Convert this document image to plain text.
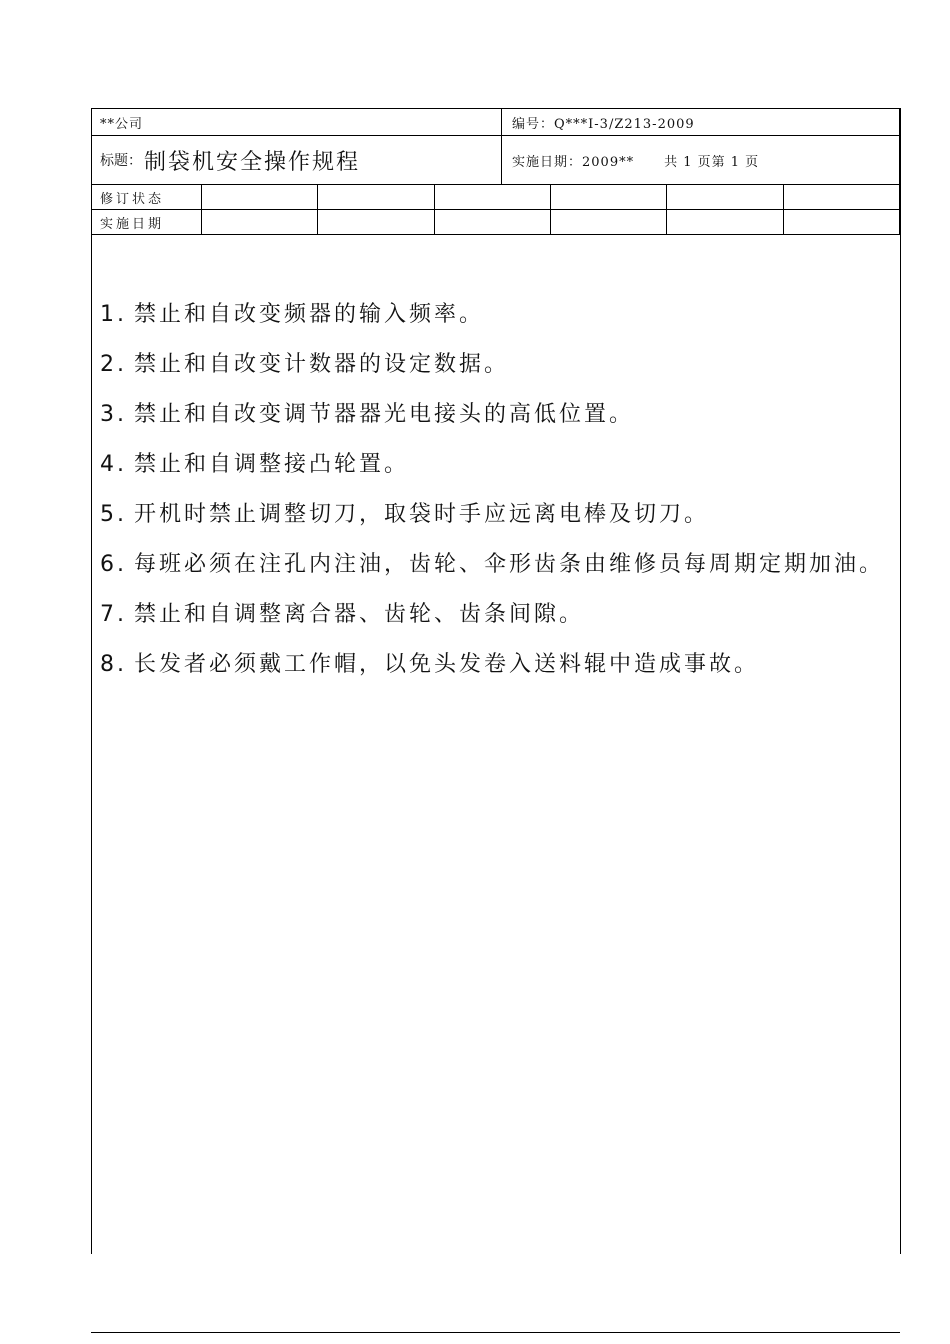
**公司	编号：Q***I-3/Z213-2009
标题： 制袋机安全操作规程	实施日期：2009** 共 1 页第 1 页
修订状态						
实施日期						
1. 禁止和自改变频器的输入频率。
2. 禁止和自改变计数器的设定数据。
3. 禁止和自改变调节器器光电接头的高低位置。
4. 禁止和自调整接凸轮置。
5. 开机时禁止调整切刀，取袋时手应远离电棒及切刀。
6. 每班必须在注孔内注油，齿轮、伞形齿条由维修员每周期定期加油。
7. 禁止和自调整离合器、齿轮、齿条间隙。
8. 长发者必须戴工作帽，以免头发卷入送料辊中造成事故。
